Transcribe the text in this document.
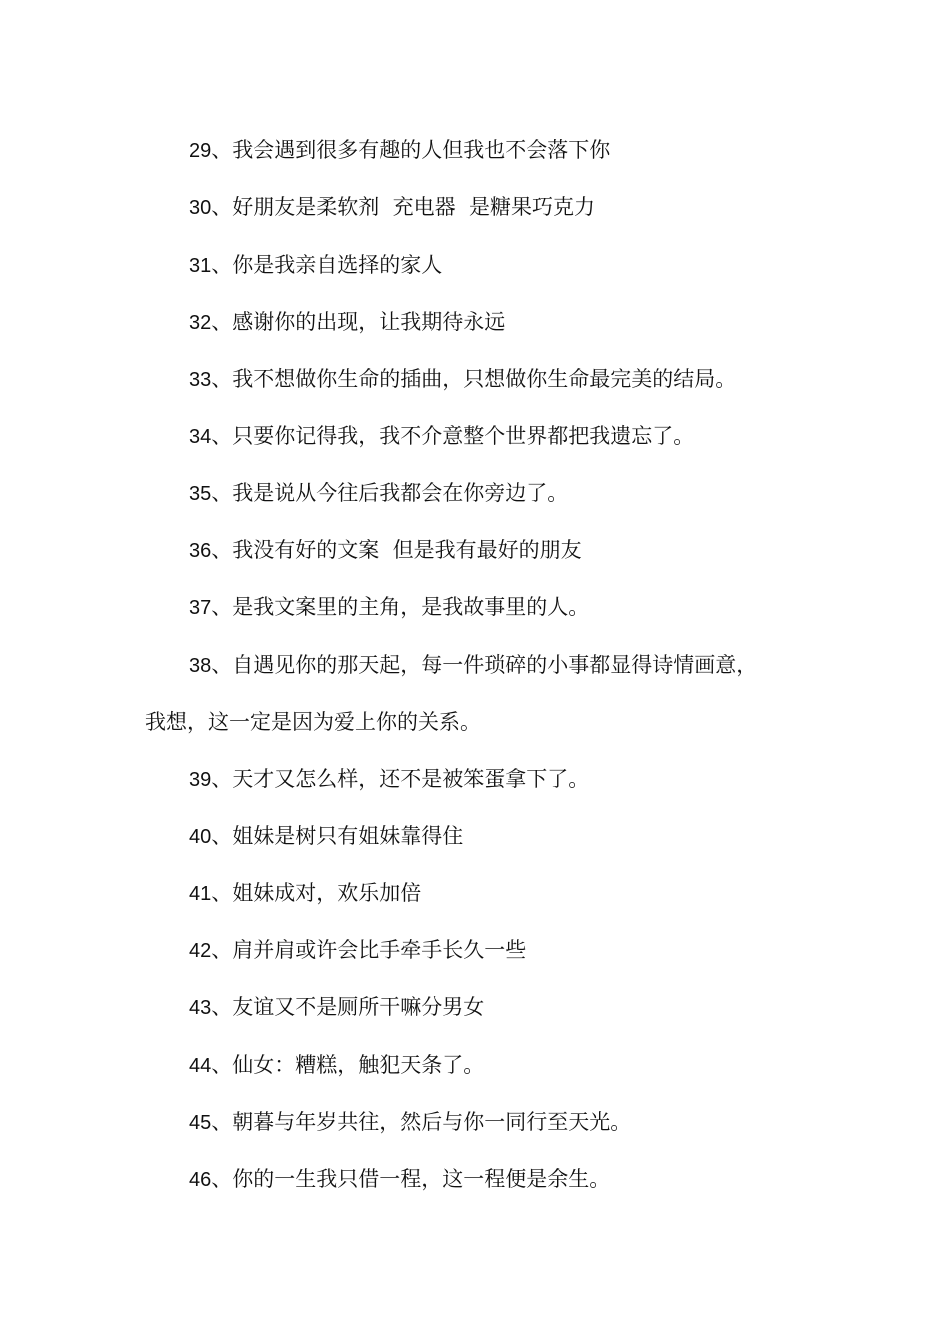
29、我会遇到很多有趣的人但我也不会落下你
30、好朋友是柔软剂  充电器  是糖果巧克力
31、你是我亲自选择的家人
32、感谢你的出现，让我期待永远
33、我不想做你生命的插曲，只想做你生命最完美的结局。
34、只要你记得我，我不介意整个世界都把我遗忘了。
35、我是说从今往后我都会在你旁边了。
36、我没有好的文案  但是我有最好的朋友
37、是我文案里的主角，是我故事里的人。
38、自遇见你的那天起，每一件琐碎的小事都显得诗情画意，
我想，这一定是因为爱上你的关系。
39、天才又怎么样，还不是被笨蛋拿下了。
40、姐妹是树只有姐妹靠得住
41、姐妹成对，欢乐加倍
42、肩并肩或许会比手牵手长久一些
43、友谊又不是厕所干嘛分男女
44、仙女：糟糕，触犯天条了。
45、朝暮与年岁共往，然后与你一同行至天光。
46、你的一生我只借一程，这一程便是余生。
